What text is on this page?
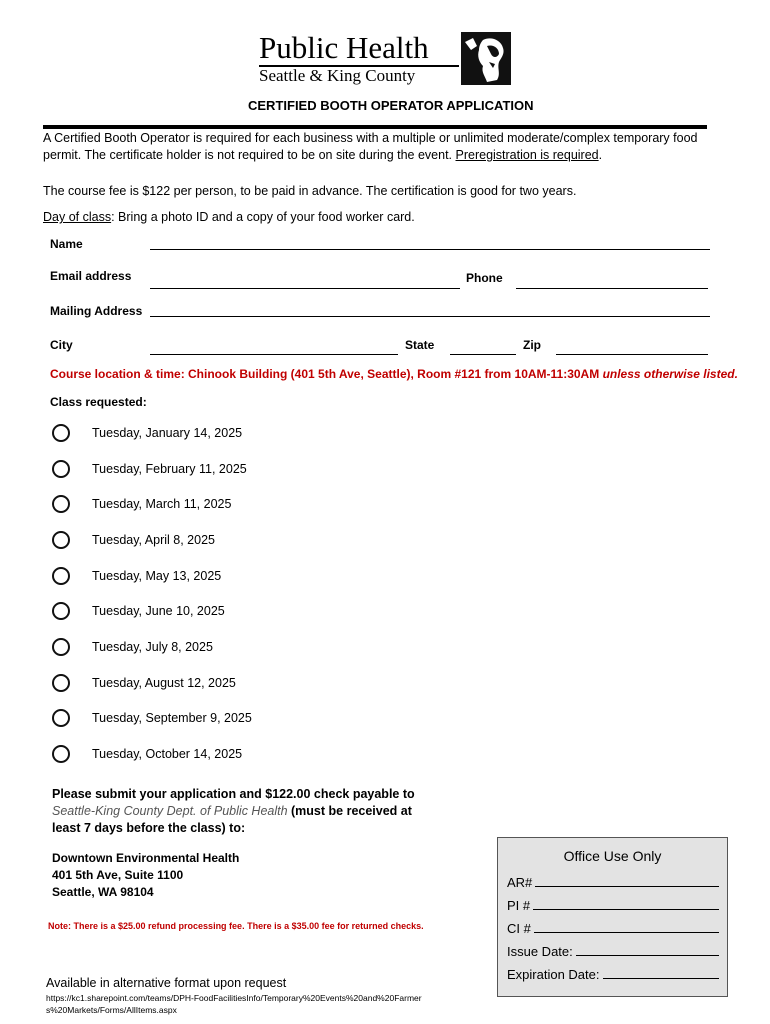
Public Health
Seattle & King County
CERTIFIED BOOTH OPERATOR APPLICATION
A Certified Booth Operator is required for each business with a multiple or unlimited moderate/complex temporary food permit. The certificate holder is not required to be on site during the event. Preregistration is required.
The course fee is $122 per person, to be paid in advance. The certification is good for two years.
Day of class: Bring a photo ID and a copy of your food worker card.
Name
Email address	Phone
Mailing Address
City	State	Zip
Course location & time: Chinook Building (401 5th Ave, Seattle), Room #121 from 10AM-11:30AM unless otherwise listed.
Class requested:
Tuesday, January 14, 2025
Tuesday, February 11, 2025
Tuesday, March 11, 2025
Tuesday, April 8, 2025
Tuesday, May 13, 2025
Tuesday, June 10, 2025
Tuesday, July 8, 2025
Tuesday, August 12, 2025
Tuesday, September 9, 2025
Tuesday, October 14, 2025
Please submit your application and $122.00 check payable to
Seattle-King County Dept. of Public Health (must be received at least 7 days before the class) to:
Downtown Environmental Health
401 5th Ave, Suite 1100
Seattle, WA 98104
Note: There is a $25.00 refund processing fee. There is a $35.00 fee for returned checks.
Office Use Only
AR#
PI #
CI #
Issue Date:
Expiration Date:
Available in alternative format upon request
https://kc1.sharepoint.com/teams/DPH-FoodFacilitiesInfo/Temporary%20Events%20and%20Farmers%20Markets/Forms/AllItems.aspx
